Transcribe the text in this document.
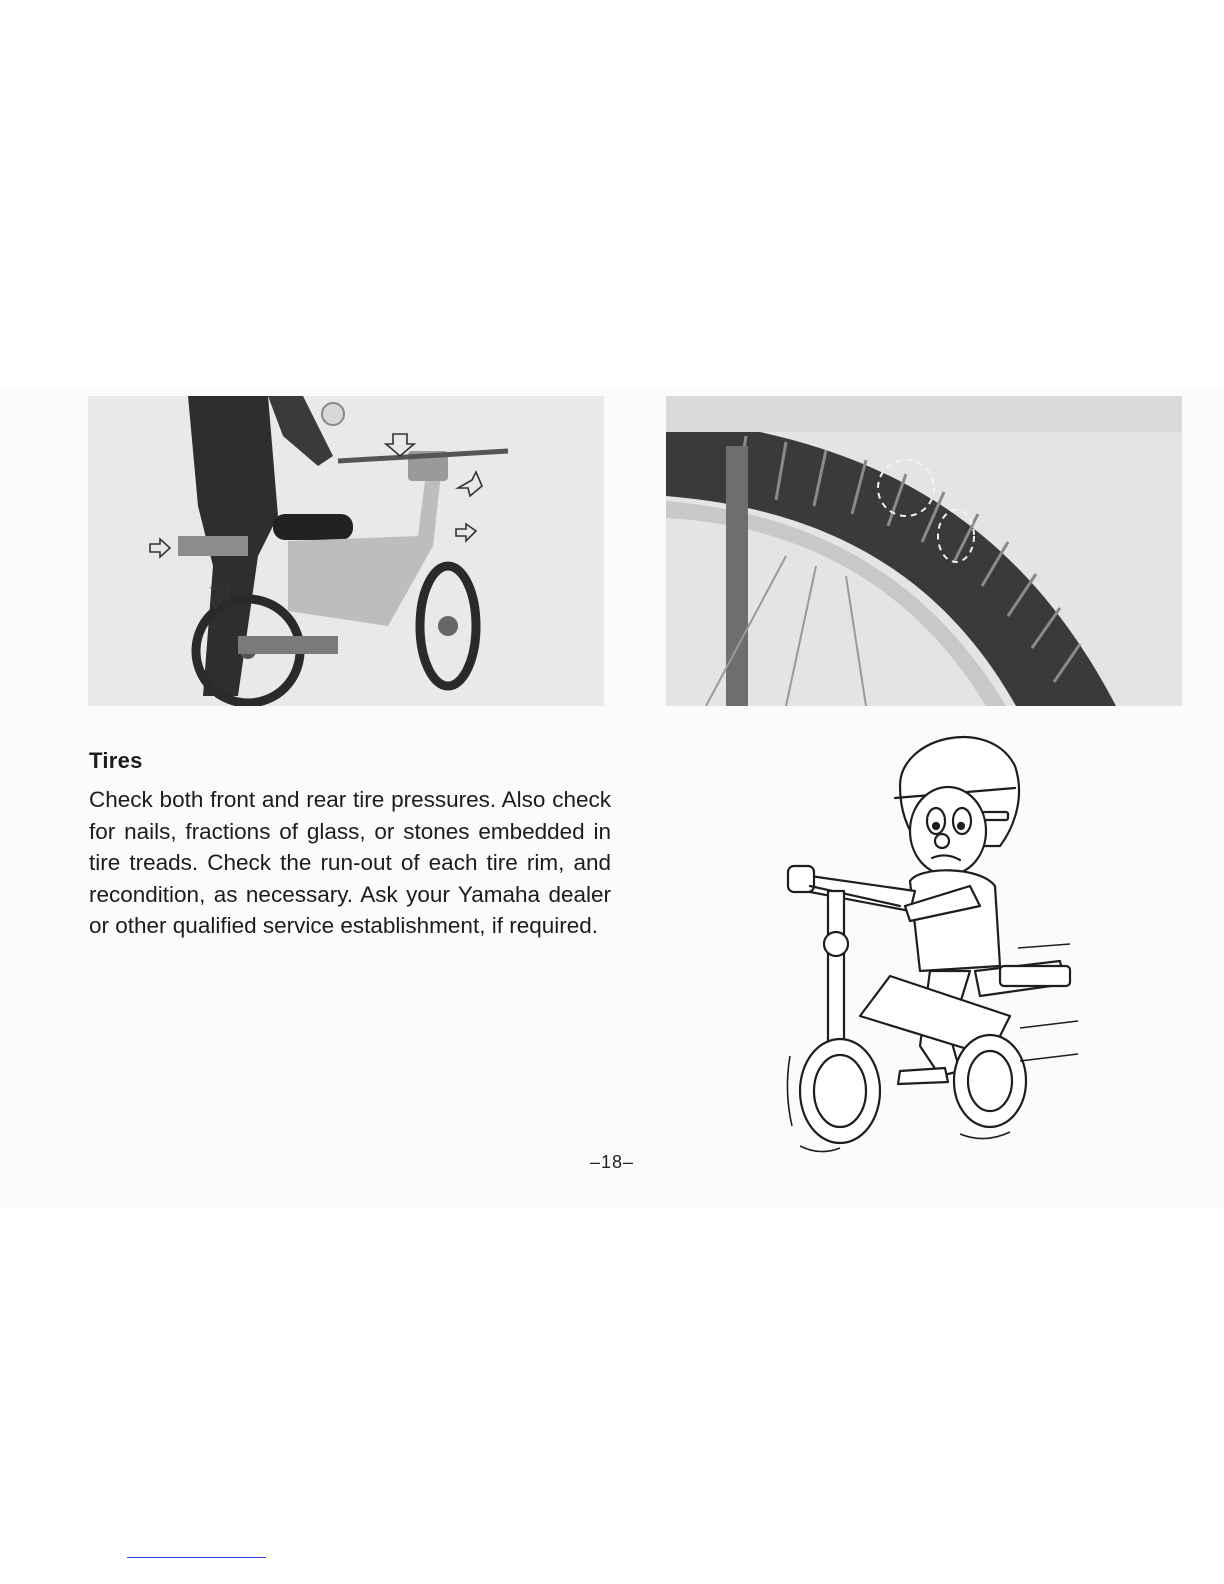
Tires
Check both front and rear tire pressures. Also check for nails, fractions of glass, or stones embedded in tire treads. Check the run-out of each tire rim, and recondition, as necessary. Ask your Yamaha dealer or other qualified service establishment, if required.
–18–
